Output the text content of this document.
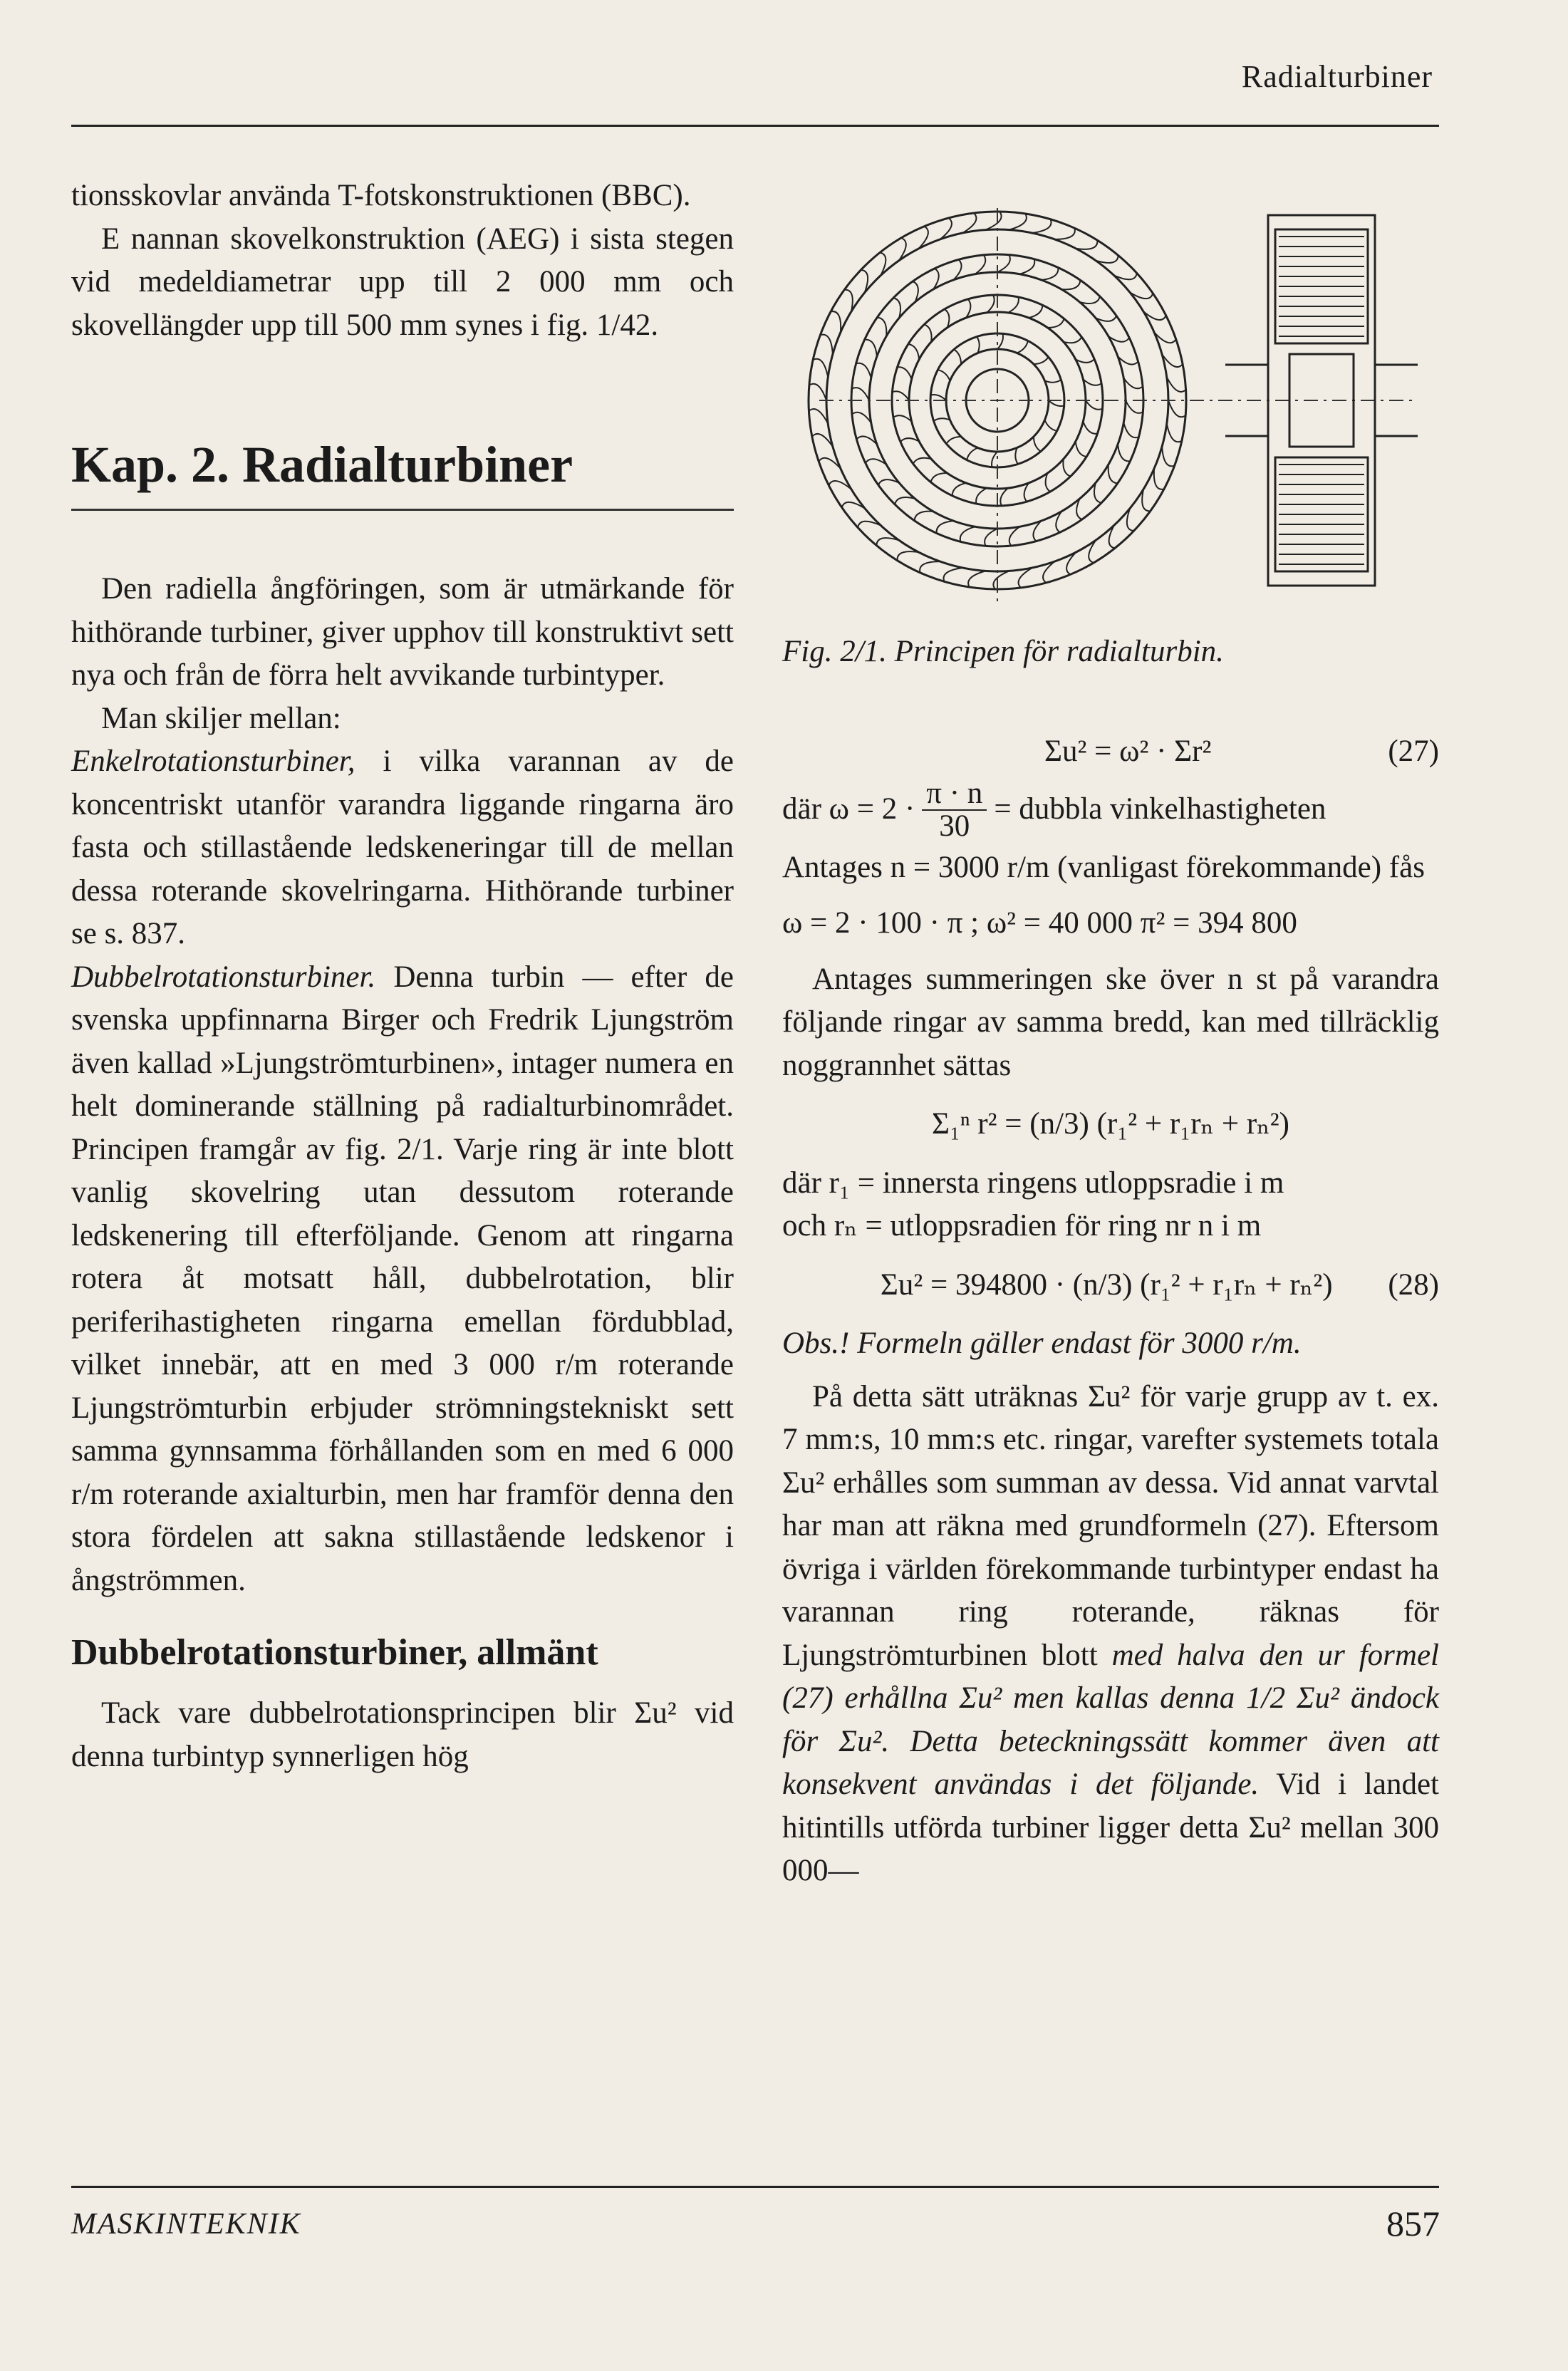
Radialturbiner

tionsskovlar använda T-fotskonstruktionen (BBC).

E nannan skovelkonstruktion (AEG) i sista stegen vid medeldiametrar upp till 2 000 mm och skovellängder upp till 500 mm synes i fig. 1/42.

Kap. 2. Radialturbiner

Den radiella ångföringen, som är utmärkande för hithörande turbiner, giver upphov till konstruktivt sett nya och från de förra helt avvikande turbintyper.

Man skiljer mellan:

Enkelrotationsturbiner, i vilka varannan av de koncentriskt utanför varandra liggande ringarna äro fasta och stillastående ledskeneringar till de mellan dessa roterande skovelringarna. Hithörande turbiner se s. 837.

Dubbelrotationsturbiner. Denna turbin — efter de svenska uppfinnarna Birger och Fredrik Ljungström även kallad »Ljungströmturbinen», intager numera en helt dominerande ställning på radialturbinområdet. Principen framgår av fig. 2/1. Varje ring är inte blott vanlig skovelring utan dessutom roterande ledskenering till efterföljande. Genom att ringarna rotera åt motsatt håll, dubbelrotation, blir periferihastigheten ringarna emellan fördubblad, vilket innebär, att en med 3 000 r/m roterande Ljungströmturbin erbjuder strömningstekniskt sett samma gynnsamma förhållanden som en med 6 000 r/m roterande axialturbin, men har framför denna den stora fördelen att sakna stillastående ledskenor i ångströmmen.

Dubbelrotationsturbiner, allmänt

Tack vare dubbelrotationsprincipen blir Σu² vid denna turbintyp synnerligen hög

Fig. 2/1. Principen för radialturbin.
Σu² = ω² · Σr²	(27)
där $\omega = 2 \cdot \frac{\pi \cdot n}{30}$ = dubbla vinkelhastigheten

Antages n = 3000 r/m (vanligast förekommande) fås

ω = 2 · 100 · π ; ω² = 40 000 π² = 394 800

Antages summeringen ske över n st på varandra följande ringar av samma bredd, kan med tillräcklig noggrannhet sättas

Σ₁ⁿ r² = (n/3) (r₁² + r₁rₙ + rₙ²)

där r₁ = innersta ringens utloppsradie i m

och rₙ = utloppsradien för ring nr n i m

Σu² = 394800 · (n/3) (r₁² + r₁rₙ + rₙ²) (28)

Obs.! Formeln gäller endast för 3000 r/m.

På detta sätt uträknas Σu² för varje grupp av t. ex. 7 mm:s, 10 mm:s etc. ringar, varefter systemets totala Σu² erhålles som summan av dessa. Vid annat varvtal har man att räkna med grundformeln (27). Eftersom övriga i världen förekommande turbintyper endast ha varannan ring roterande, räknas för Ljungströmturbinen blott med halva den ur formel (27) erhållna Σu² men kallas denna 1/2 Σu² ändock för Σu². Detta beteckningssätt kommer även att konsekvent användas i det följande. Vid i landet hitintills utförda turbiner ligger detta Σu² mellan 300 000—

MASKINTEKNIK	857
